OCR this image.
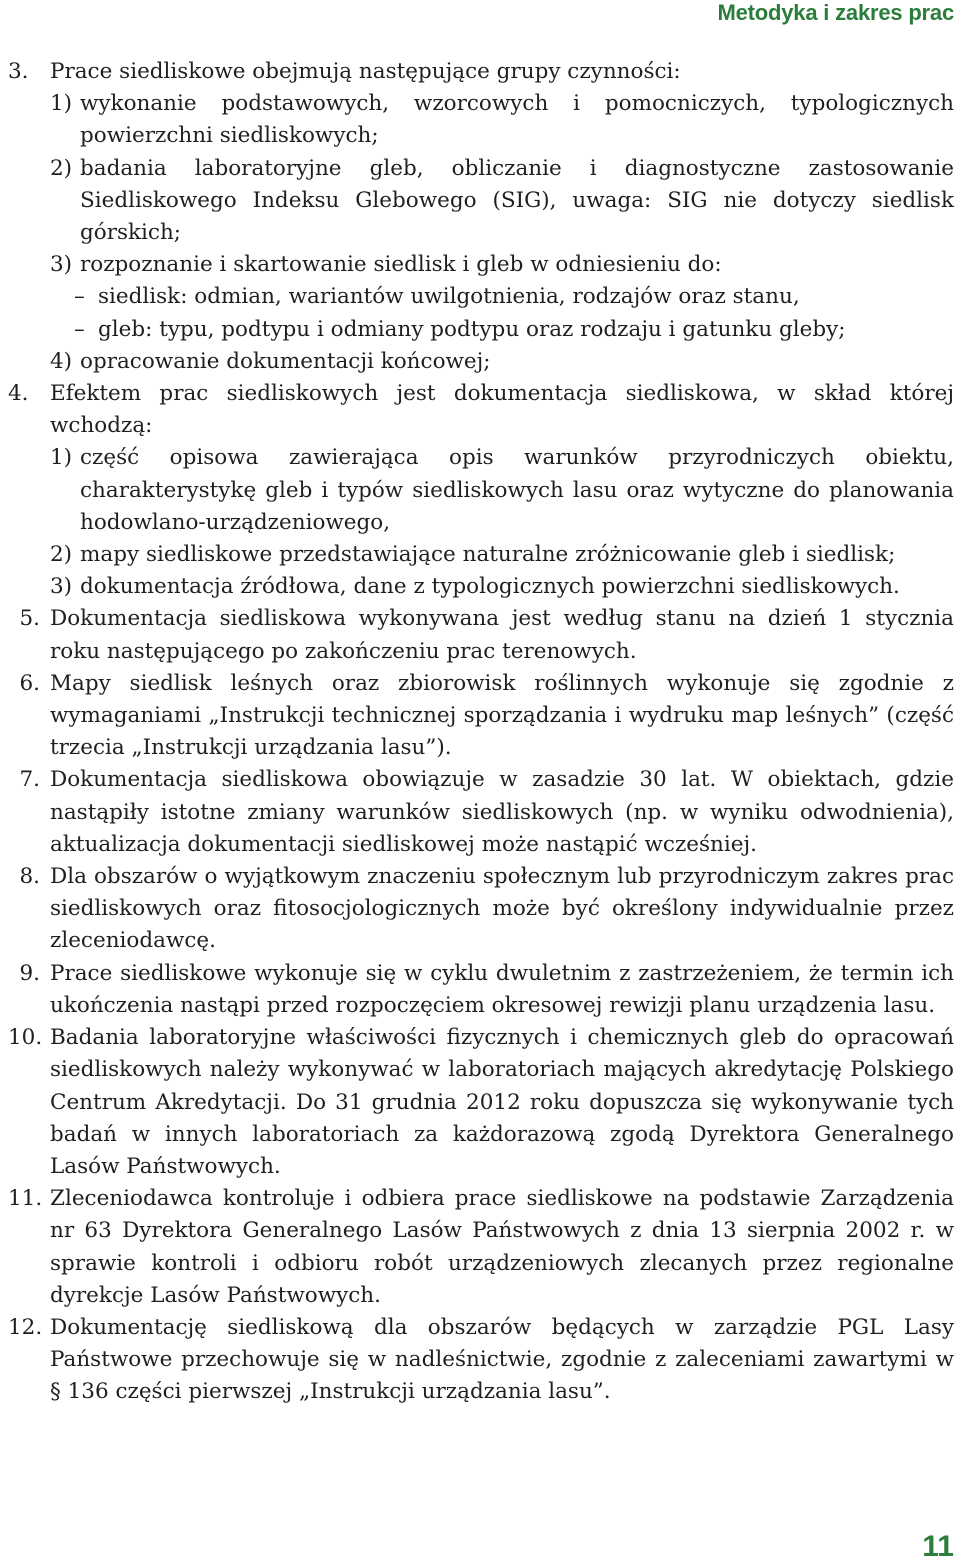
Metodyka i zakres prac
3. Prace siedliskowe obejmują następujące grupy czynności:
1) wykonanie podstawowych, wzorcowych i pomocniczych, typologicznych powierzchni siedliskowych;
2) badania laboratoryjne gleb, obliczanie i diagnostyczne zastosowanie Siedliskowego Indeksu Glebowego (SIG), uwaga: SIG nie dotyczy siedlisk górskich;
3) rozpoznanie i skartowanie siedlisk i gleb w odniesieniu do:
– siedlisk: odmian, wariantów uwilgotnienia, rodzajów oraz stanu,
– gleb: typu, podtypu i odmiany podtypu oraz rodzaju i gatunku gleby;
4) opracowanie dokumentacji końcowej;
4. Efektem prac siedliskowych jest dokumentacja siedliskowa, w skład której wchodzą:
1) część opisowa zawierająca opis warunków przyrodniczych obiektu, charakterystykę gleb i typów siedliskowych lasu oraz wytyczne do planowania hodowlano-urządzeniowego,
2) mapy siedliskowe przedstawiające naturalne zróżnicowanie gleb i siedlisk;
3) dokumentacja źródłowa, dane z typologicznych powierzchni siedliskowych.
5. Dokumentacja siedliskowa wykonywana jest według stanu na dzień 1 stycznia roku następującego po zakończeniu prac terenowych.
6. Mapy siedlisk leśnych oraz zbiorowisk roślinnych wykonuje się zgodnie z wymaganiami „Instrukcji technicznej sporządzania i wydruku map leśnych” (część trzecia „Instrukcji urządzania lasu”).
7. Dokumentacja siedliskowa obowiązuje w zasadzie 30 lat. W obiektach, gdzie nastąpiły istotne zmiany warunków siedliskowych (np. w wyniku odwodnienia), aktualizacja dokumentacji siedliskowej może nastąpić wcześniej.
8. Dla obszarów o wyjątkowym znaczeniu społecznym lub przyrodniczym zakres prac siedliskowych oraz fitosocjologicznych może być określony indywidualnie przez zleceniodawcę.
9. Prace siedliskowe wykonuje się w cyklu dwuletnim z zastrzeżeniem, że termin ich ukończenia nastąpi przed rozpoczęciem okresowej rewizji planu urządzenia lasu.
10. Badania laboratoryjne właściwości fizycznych i chemicznych gleb do opracowań siedliskowych należy wykonywać w laboratoriach mających akredytację Polskiego Centrum Akredytacji. Do 31 grudnia 2012 roku dopuszcza się wykonywanie tych badań w innych laboratoriach za każdorazową zgodą Dyrektora Generalnego Lasów Państwowych.
11. Zleceniodawca kontroluje i odbiera prace siedliskowe na podstawie Zarządzenia nr 63 Dyrektora Generalnego Lasów Państwowych z dnia 13 sierpnia 2002 r. w sprawie kontroli i odbioru robót urządzeniowych zlecanych przez regionalne dyrekcje Lasów Państwowych.
12. Dokumentację siedliskową dla obszarów będących w zarządzie PGL Lasy Państwowe przechowuje się w nadleśnictwie, zgodnie z zaleceniami zawartymi w § 136 części pierwszej „Instrukcji urządzania lasu”.
11
